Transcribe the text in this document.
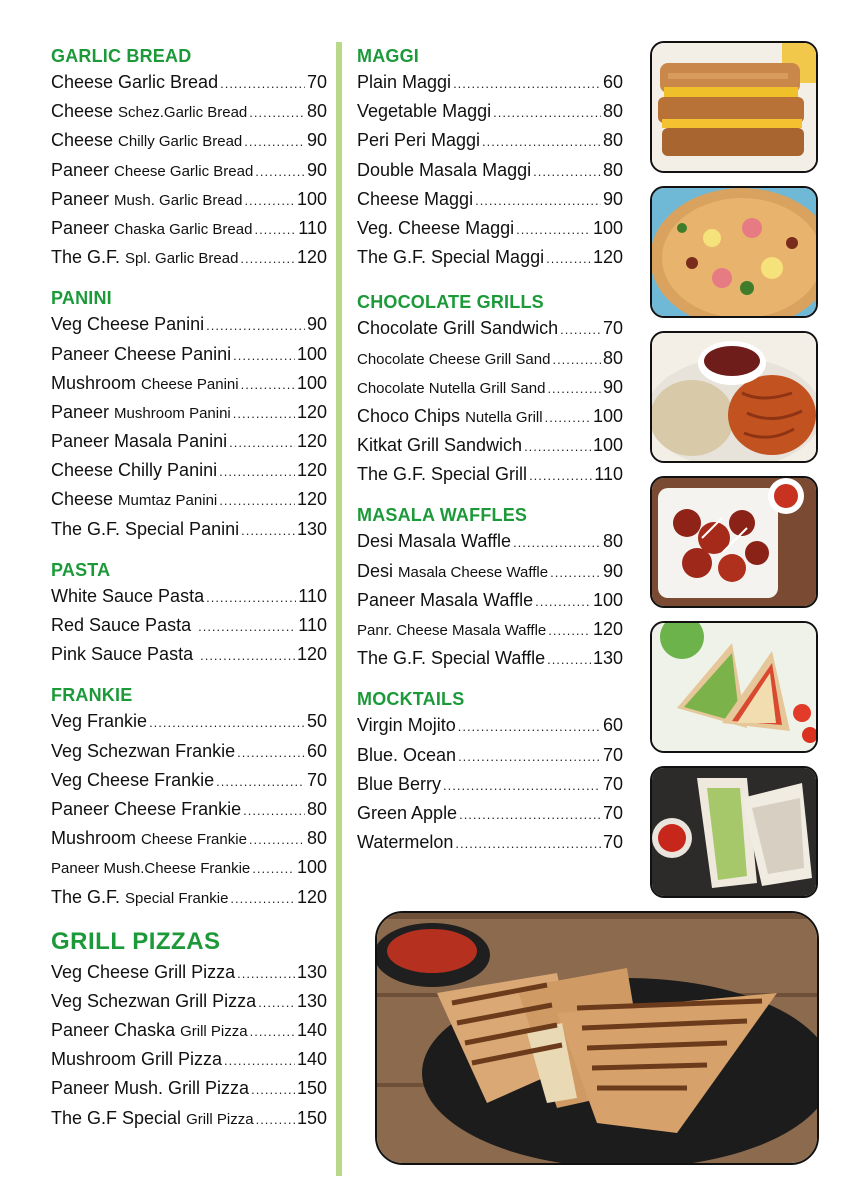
GARLIC BREAD
Cheese Garlic Bread .....	70
Cheese Schez.Garlic Bread .....	80
Cheese Chilly Garlic Bread .....	90
Paneer Cheese Garlic Bread .....	90
Paneer Mush. Garlic Bread .....	100
Paneer Chaska Garlic Bread .....	110
The G.F. Spl. Garlic Bread .....	120
PANINI
Veg Cheese Panini .....	90
Paneer Cheese Panini .....	100
Mushroom Cheese Panini .....	100
Paneer Mushroom Panini .....	120
Paneer Masala Panini .....	120
Cheese Chilly Panini .....	120
Cheese Mumtaz Panini .....	120
The G.F. Special Panini .....	130
PASTA
White Sauce Pasta .....	110
Red Sauce Pasta .....	110
Pink Sauce Pasta .....	120
FRANKIE
Veg Frankie .....	50
Veg Schezwan Frankie .....	60
Veg Cheese Frankie .....	70
Paneer Cheese Frankie .....	80
Mushroom Cheese Frankie .....	80
Paneer Mush.Cheese Frankie .....	100
The G.F. Special Frankie .....	120
GRILL PIZZAS
Veg Cheese Grill Pizza .....	130
Veg Schezwan Grill Pizza ..... 130
Paneer Chaska Grill Pizza .....	140
Mushroom Grill Pizza .....	140
Paneer Mush. Grill Pizza .....	150
The G.F Special Grill Pizza ..... 150
MAGGI
Plain Maggi .....	60
Vegetable Maggi .....	80
Peri Peri Maggi .....	80
Double Masala Maggi .....	80
Cheese Maggi .....	90
Veg. Cheese Maggi .....	100
The G.F. Special Maggi .....	120
CHOCOLATE GRILLS
Chocolate Grill Sandwich ..... 70
Chocolate Cheese Grill Sand .....	80
Chocolate Nutella Grill Sand .....	90
Choco Chips Nutella Grill .....	100
Kitkat Grill Sandwich .....	100
The G.F. Special Grill .....	110
MASALA WAFFLES
Desi Masala Waffle .....	80
Desi Masala Cheese Waffle .....	90
Paneer Masala Waffle .....	100
Panr. Cheese Masala Waffle .....	120
The G.F. Special Waffle .....	130
MOCKTAILS
Virgin Mojito .....	60
Blue. Ocean .....	70
Blue Berry .....	70
Green Apple .....	70
Watermelon .....	70
